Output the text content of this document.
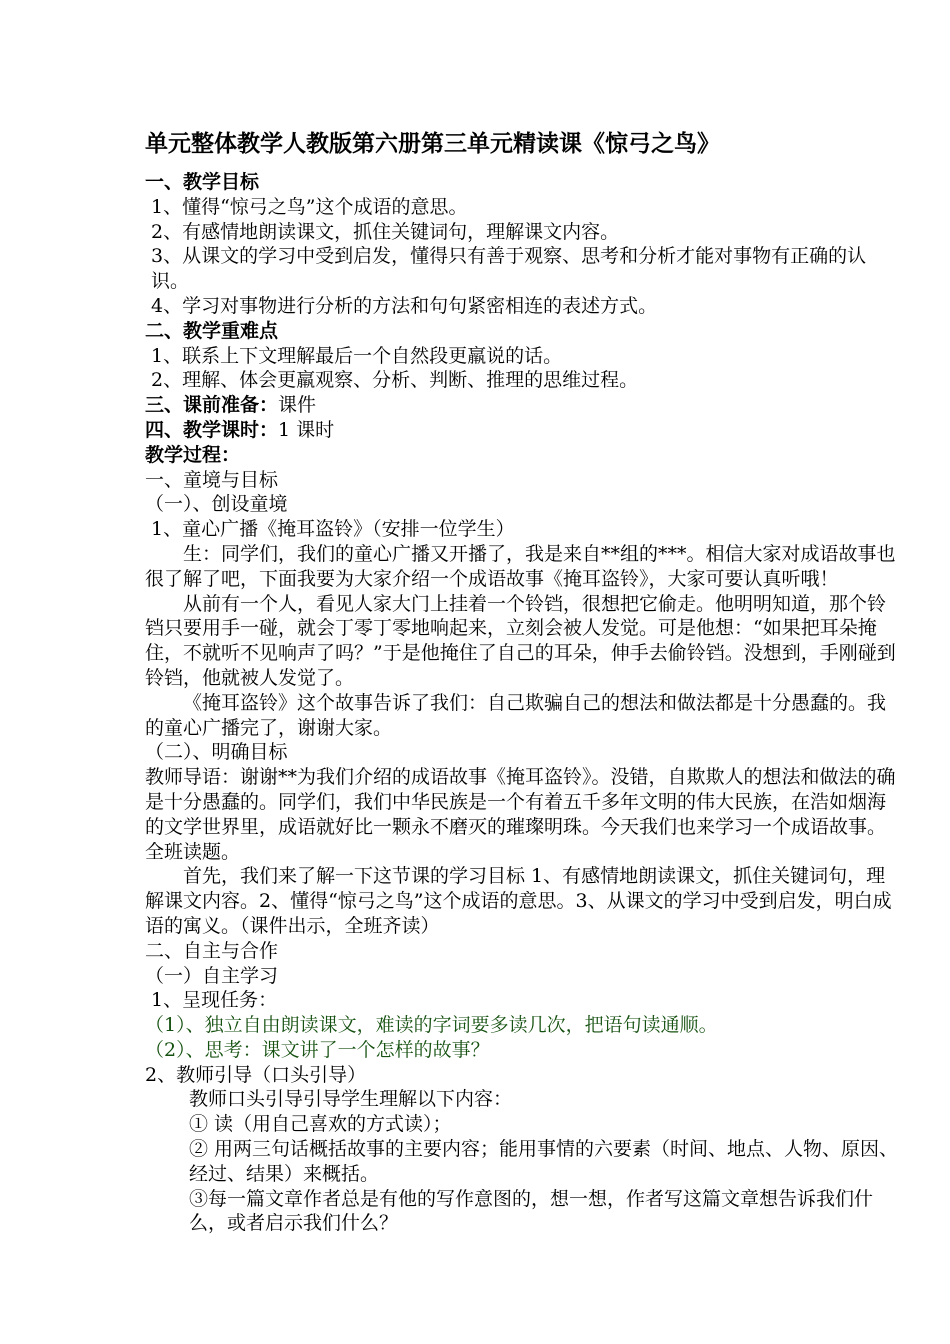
单元整体教学人教版第六册第三单元精读课《惊弓之鸟》

一、教学目标

1、懂得“惊弓之鸟”这个成语的意思。

2、有感情地朗读课文，抓住关键词句，理解课文内容。

3、从课文的学习中受到启发，懂得只有善于观察、思考和分析才能对事物有正确的认识。

4、学习对事物进行分析的方法和句句紧密相连的表述方式。

二、教学重难点

1、联系上下文理解最后一个自然段更羸说的话。

2、理解、体会更羸观察、分析、判断、推理的思维过程。

三、课前准备：课件

四、教学课时：1 课时

教学过程：

一、童境与目标

（一）、创设童境

1、童心广播《掩耳盗铃》（安排一位学生）

生：同学们，我们的童心广播又开播了，我是来自**组的***。相信大家对成语故事也很了解了吧，下面我要为大家介绍一个成语故事《掩耳盗铃》，大家可要认真听哦！

从前有一个人，看见人家大门上挂着一个铃铛，很想把它偷走。他明明知道，那个铃铛只要用手一碰，就会丁零丁零地响起来，立刻会被人发觉。可是他想：“如果把耳朵掩住，不就听不见响声了吗？”于是他掩住了自己的耳朵，伸手去偷铃铛。没想到，手刚碰到铃铛，他就被人发觉了。

《掩耳盗铃》这个故事告诉了我们：自己欺骗自己的想法和做法都是十分愚蠢的。我的童心广播完了，谢谢大家。

（二）、明确目标

教师导语：谢谢**为我们介绍的成语故事《掩耳盗铃》。没错，自欺欺人的想法和做法的确是十分愚蠢的。同学们，我们中华民族是一个有着五千多年文明的伟大民族，在浩如烟海的文学世界里，成语就好比一颗永不磨灭的璀璨明珠。今天我们也来学习一个成语故事。全班读题。

首先，我们来了解一下这节课的学习目标 1、有感情地朗读课文，抓住关键词句，理解课文内容。2、懂得“惊弓之鸟”这个成语的意思。3、从课文的学习中受到启发，明白成语的寓义。（课件出示，全班齐读）

二、自主与合作

（一）自主学习

1、呈现任务：

（1）、独立自由朗读课文，难读的字词要多读几次，把语句读通顺。

（2）、思考：课文讲了一个怎样的故事？

2、教师引导（口头引导）

教师口头引导引导学生理解以下内容：

① 读（用自己喜欢的方式读）；

② 用两三句话概括故事的主要内容；能用事情的六要素（时间、地点、人物、原因、经过、结果）来概括。

③每一篇文章作者总是有他的写作意图的，想一想，作者写这篇文章想告诉我们什么，或者启示我们什么？
